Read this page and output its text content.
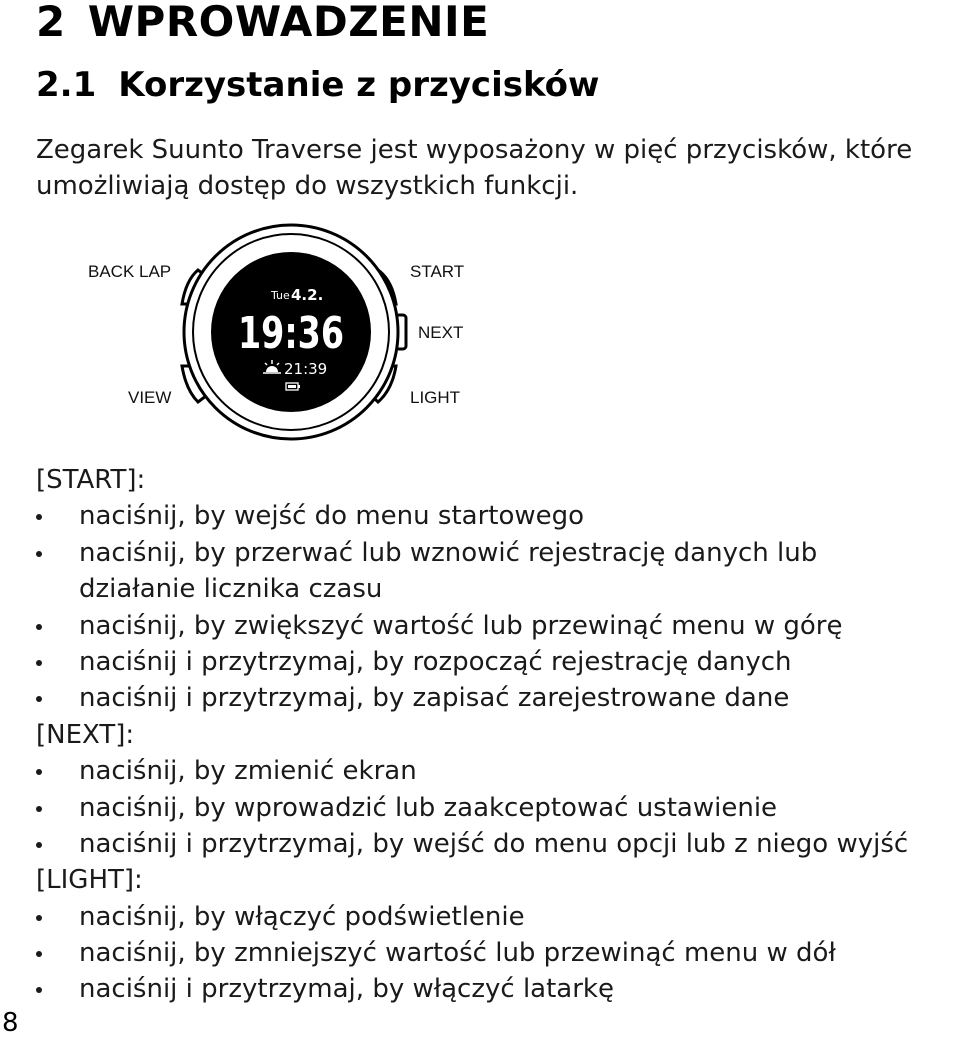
2 WPROWADZENIE
2.1 Korzystanie z przycisków
Zegarek Suunto Traverse jest wyposażony w pięć przycisków, które
umożliwiają dostęp do wszystkich funkcji.
BACK LAP	START
NEXT
VIEW	LIGHT
Tue 4.2.
19:36
21:39
[START]:
naciśnij, by wejść do menu startowego
naciśnij, by przerwać lub wznowić rejestrację danych lub
działanie licznika czasu
naciśnij, by zwiększyć wartość lub przewinąć menu w górę
naciśnij i przytrzymaj, by rozpocząć rejestrację danych
naciśnij i przytrzymaj, by zapisać zarejestrowane dane
[NEXT]:
naciśnij, by zmienić ekran
naciśnij, by wprowadzić lub zaakceptować ustawienie
naciśnij i przytrzymaj, by wejść do menu opcji lub z niego wyjść
[LIGHT]:
naciśnij, by włączyć podświetlenie
naciśnij, by zmniejszyć wartość lub przewinąć menu w dół
naciśnij i przytrzymaj, by włączyć latarkę
8
